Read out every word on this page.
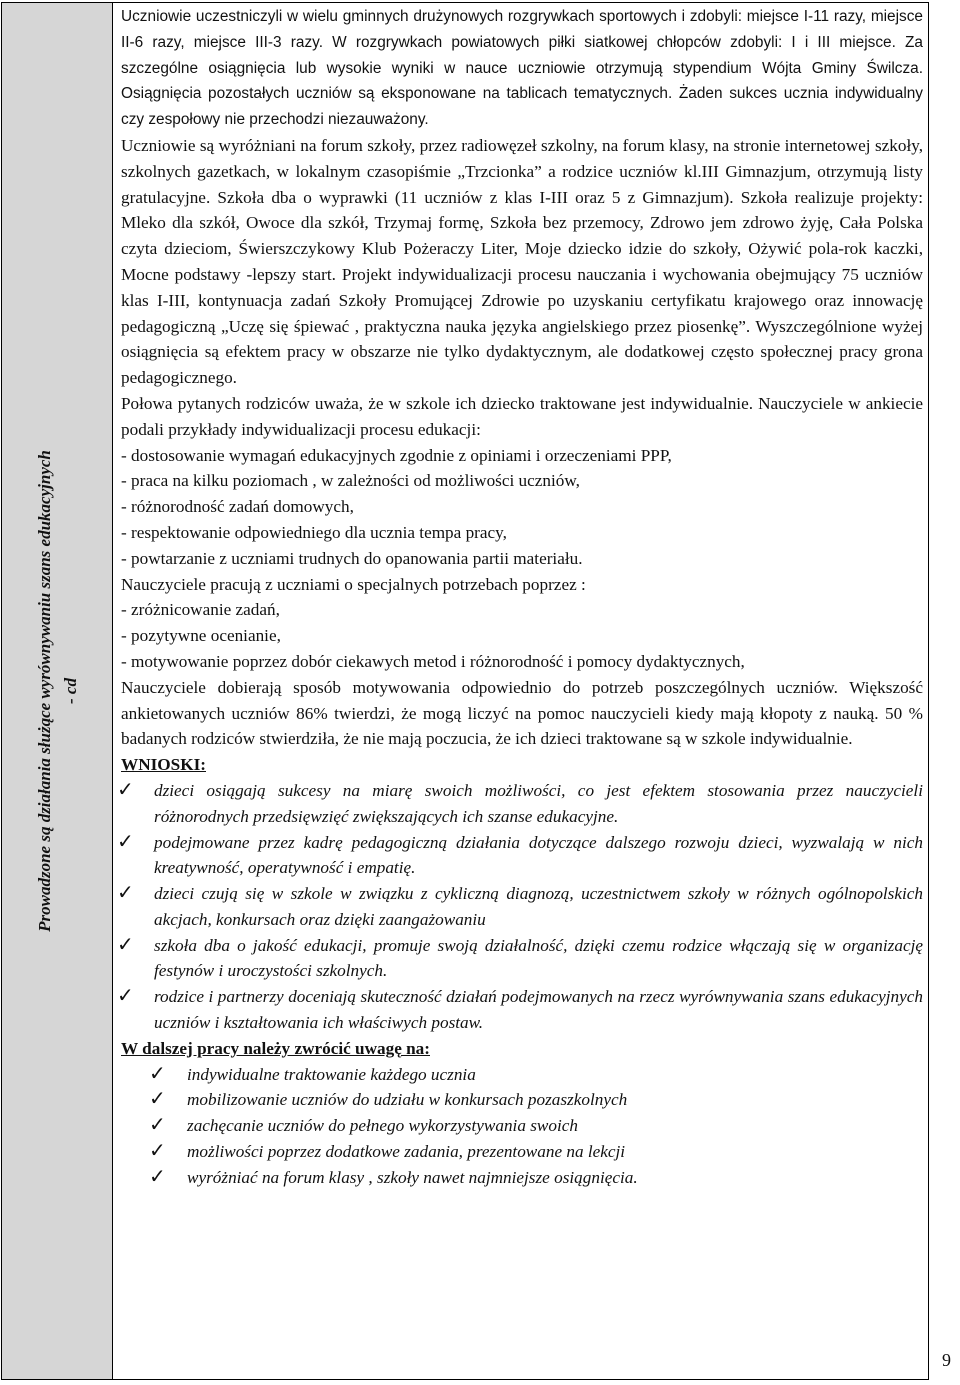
Prowadzone są działania służące wyrównywaniu szans edukacyjnych - cd

Uczniowie uczestniczyli w wielu gminnych drużynowych rozgrywkach sportowych i zdobyli: miejsce I-11 razy, miejsce II-6 razy, miejsce III-3 razy. W rozgrywkach powiatowych piłki siatkowej chłopców zdobyli: I i III miejsce. Za szczególne osiągnięcia lub wysokie wyniki w nauce uczniowie otrzymują stypendium Wójta Gminy Świlcza. Osiągnięcia pozostałych uczniów są eksponowane na tablicach tematycznych. Żaden sukces ucznia indywidualny czy zespołowy nie przechodzi niezauważony.

Uczniowie są wyróżniani na forum szkoły, przez radiowęzeł szkolny, na forum klasy, na stronie internetowej szkoły, szkolnych gazetkach, w lokalnym czasopiśmie „Trzcionka” a rodzice uczniów kl.III Gimnazjum, otrzymują listy gratulacyjne. Szkoła dba o wyprawki (11 uczniów z klas I-III oraz 5 z Gimnazjum). Szkoła realizuje projekty: Mleko dla szkół, Owoce dla szkół, Trzymaj formę, Szkoła bez przemocy, Zdrowo jem zdrowo żyję, Cała Polska czyta dzieciom, Świerszczykowy Klub Pożeraczy Liter, Moje dziecko idzie do szkoły, Ożywić pola-rok kaczki, Mocne podstawy -lepszy start. Projekt indywidualizacji procesu nauczania i wychowania obejmujący 75 uczniów klas I-III, kontynuacja zadań Szkoły Promującej Zdrowie po uzyskaniu certyfikatu krajowego oraz innowację pedagogiczną „Uczę się śpiewać , praktyczna nauka języka angielskiego przez piosenkę”. Wyszczególnione wyżej osiągnięcia są efektem pracy w obszarze nie tylko dydaktycznym, ale dodatkowej często społecznej pracy grona pedagogicznego.

Połowa pytanych rodziców uważa, że w szkole ich dziecko traktowane jest indywidualnie. Nauczyciele w ankiecie podali przykłady indywidualizacji procesu edukacji:

- dostosowanie wymagań edukacyjnych zgodnie z opiniami i orzeczeniami PPP,

- praca na kilku poziomach , w zależności od możliwości uczniów,

- różnorodność zadań domowych,

- respektowanie odpowiedniego dla ucznia tempa pracy,

- powtarzanie z uczniami trudnych do opanowania partii materiału.

Nauczyciele pracują z uczniami o specjalnych potrzebach poprzez :

- zróżnicowanie zadań,

- pozytywne ocenianie,

- motywowanie poprzez dobór ciekawych metod i różnorodność i pomocy dydaktycznych,

Nauczyciele dobierają sposób motywowania odpowiednio do potrzeb poszczególnych uczniów. Większość ankietowanych uczniów 86% twierdzi, że mogą liczyć na pomoc nauczycieli kiedy mają kłopoty z nauką. 50 % badanych rodziców stwierdziła, że nie mają poczucia, że ich dzieci traktowane są w szkole indywidualnie.

WNIOSKI:

✓ dzieci osiągają sukcesy na miarę swoich możliwości, co jest efektem stosowania przez nauczycieli różnorodnych przedsięwzięć zwiększających ich szanse edukacyjne.
✓ podejmowane przez kadrę pedagogiczną działania dotyczące dalszego rozwoju dzieci, wyzwalają w nich kreatywność, operatywność i empatię.
✓ dzieci czują się w szkole w związku z cykliczną diagnozą, uczestnictwem szkoły w różnych ogólnopolskich akcjach, konkursach oraz dzięki zaangażowaniu
✓ szkoła dba o jakość edukacji, promuje swoją działalność, dzięki czemu rodzice włączają się w organizację festynów i uroczystości szkolnych.
✓ rodzice i partnerzy doceniają skuteczność działań podejmowanych na rzecz wyrównywania szans edukacyjnych uczniów i kształtowania ich właściwych postaw.

W dalszej pracy należy zwrócić uwagę na:

✓ indywidualne traktowanie każdego ucznia
✓ mobilizowanie uczniów do udziału w konkursach pozaszkolnych
✓ zachęcanie uczniów do pełnego wykorzystywania swoich
✓ możliwości poprzez dodatkowe zadania, prezentowane na lekcji
✓ wyróżniać na forum klasy , szkoły nawet najmniejsze osiągnięcia.
9
